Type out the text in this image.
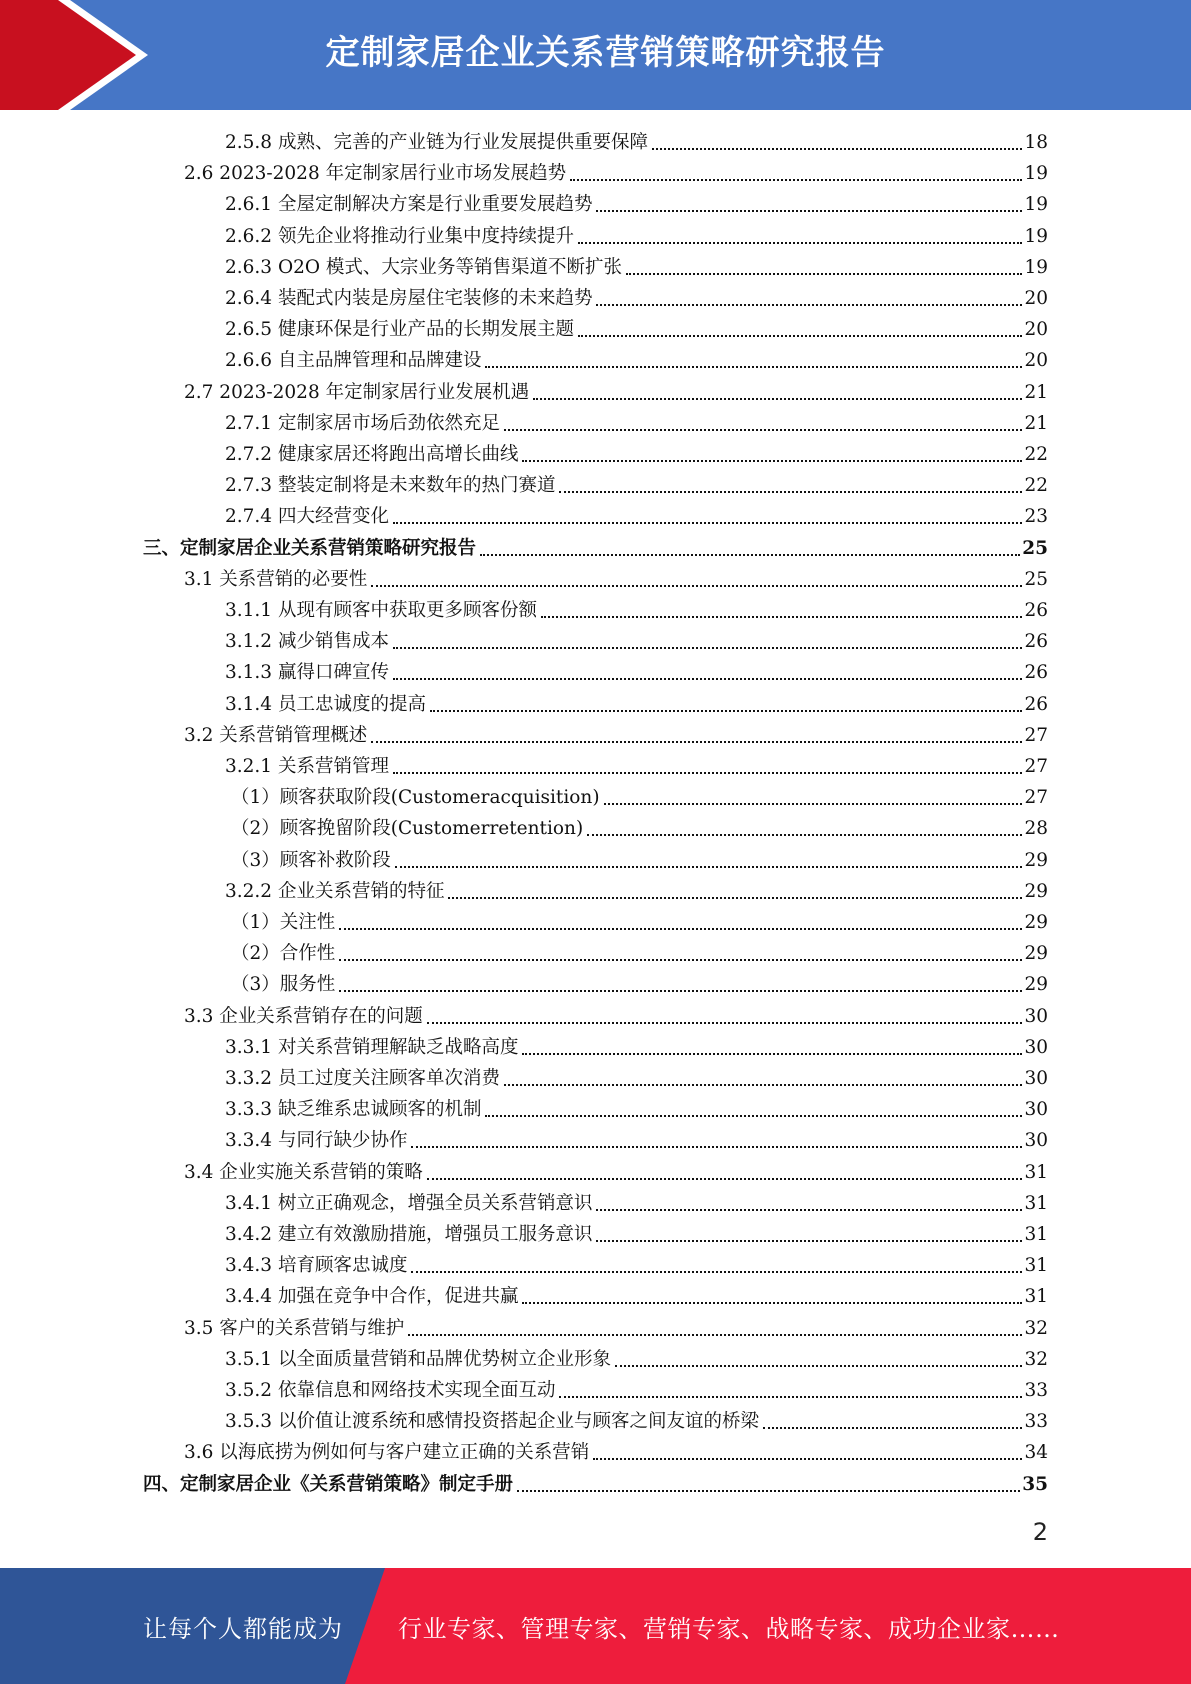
定制家居企业关系营销策略研究报告
2.5.8 成熟、完善的产业链为行业发展提供重要保障	18
2.6 2023-2028 年定制家居行业市场发展趋势	19
2.6.1 全屋定制解决方案是行业重要发展趋势	19
2.6.2 领先企业将推动行业集中度持续提升	19
2.6.3 O2O 模式、大宗业务等销售渠道不断扩张	19
2.6.4 装配式内装是房屋住宅装修的未来趋势	20
2.6.5 健康环保是行业产品的长期发展主题	20
2.6.6 自主品牌管理和品牌建设	20
2.7 2023-2028 年定制家居行业发展机遇	21
2.7.1 定制家居市场后劲依然充足	21
2.7.2 健康家居还将跑出高增长曲线	22
2.7.3 整装定制将是未来数年的热门赛道	22
2.7.4 四大经营变化	23
三、定制家居企业关系营销策略研究报告	25
3.1 关系营销的必要性	25
3.1.1 从现有顾客中获取更多顾客份额	26
3.1.2 减少销售成本	26
3.1.3 赢得口碑宣传	26
3.1.4 员工忠诚度的提高	26
3.2 关系营销管理概述	27
3.2.1 关系营销管理	27
（1）顾客获取阶段(Customeracquisition)	27
（2）顾客挽留阶段(Customerretention)	28
（3）顾客补救阶段	29
3.2.2 企业关系营销的特征	29
（1）关注性	29
（2）合作性	29
（3）服务性	29
3.3 企业关系营销存在的问题	30
3.3.1 对关系营销理解缺乏战略高度	30
3.3.2 员工过度关注顾客单次消费	30
3.3.3 缺乏维系忠诚顾客的机制	30
3.3.4 与同行缺少协作	30
3.4 企业实施关系营销的策略	31
3.4.1 树立正确观念，增强全员关系营销意识	31
3.4.2 建立有效激励措施，增强员工服务意识	31
3.4.3 培育顾客忠诚度	31
3.4.4 加强在竞争中合作，促进共赢	31
3.5 客户的关系营销与维护	32
3.5.1 以全面质量营销和品牌优势树立企业形象	32
3.5.2 依靠信息和网络技术实现全面互动	33
3.5.3 以价值让渡系统和感情投资搭起企业与顾客之间友谊的桥梁	33
3.6 以海底捞为例如何与客户建立正确的关系营销	34
四、定制家居企业《关系营销策略》制定手册	35
2
让每个人都能成为 行业专家、管理专家、营销专家、战略专家、成功企业家……
